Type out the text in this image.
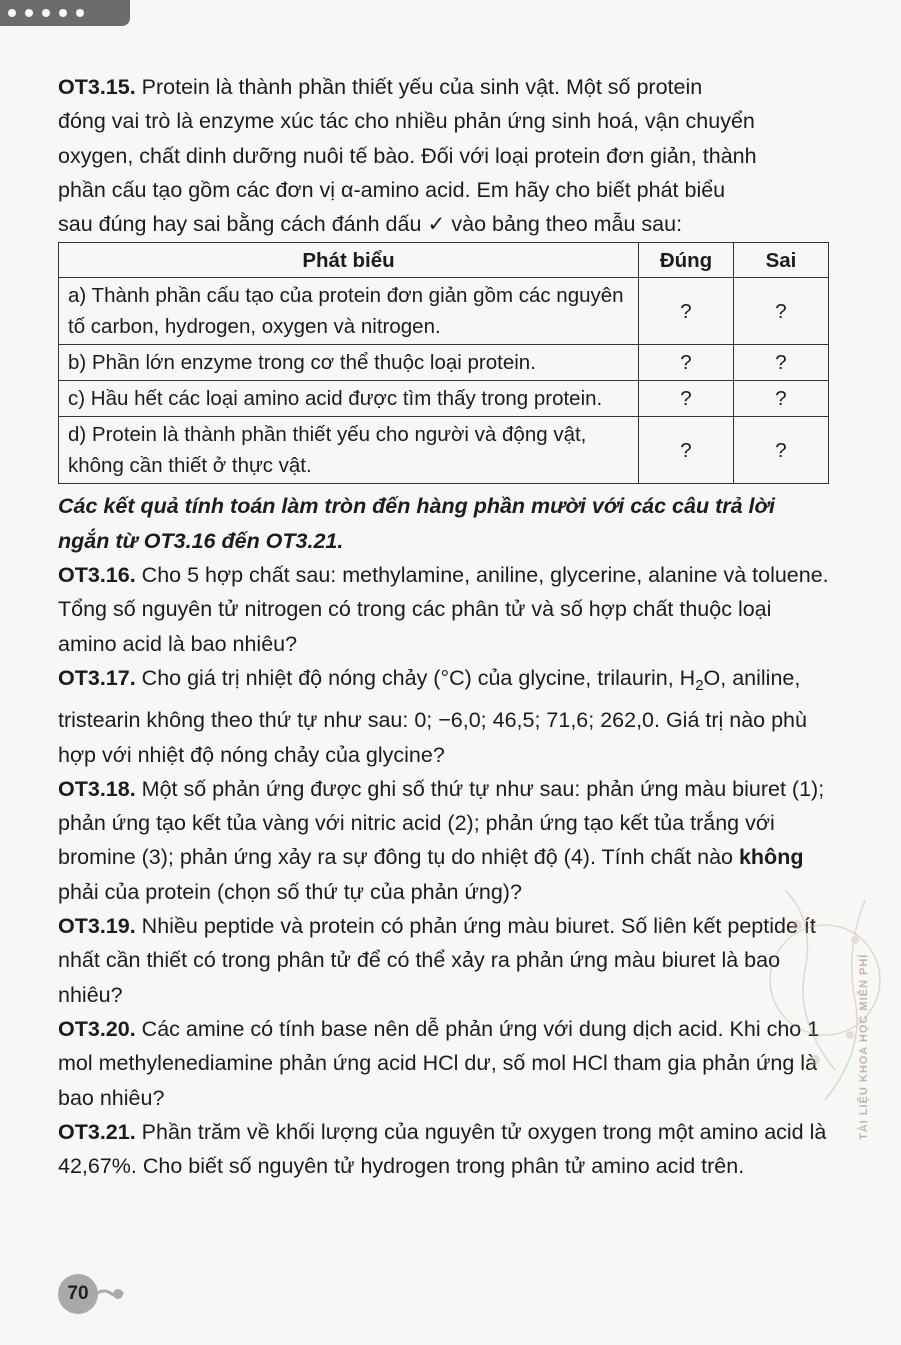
OT3.15. Protein là thành phần thiết yếu của sinh vật. Một số protein

đóng vai trò là enzyme xúc tác cho nhiều phản ứng sinh hoá, vận chuyển

oxygen, chất dinh dưỡng nuôi tế bào. Đối với loại protein đơn giản, thành

phần cấu tạo gồm các đơn vị α-amino acid. Em hãy cho biết phát biểu

sau đúng hay sai bằng cách đánh dấu ✓ vào bảng theo mẫu sau:

Phát biểu	Đúng	Sai
a) Thành phần cấu tạo của protein đơn giản gồm các nguyên tố carbon, hydrogen, oxygen và nitrogen.	?	?
b) Phần lớn enzyme trong cơ thể thuộc loại protein.	?	?
c) Hầu hết các loại amino acid được tìm thấy trong protein.	?	?
d) Protein là thành phần thiết yếu cho người và động vật, không cần thiết ở thực vật.	?	?

Các kết quả tính toán làm tròn đến hàng phần mười với các câu trả lời ngắn từ OT3.16 đến OT3.21.

OT3.16. Cho 5 hợp chất sau: methylamine, aniline, glycerine, alanine và toluene. Tổng số nguyên tử nitrogen có trong các phân tử và số hợp chất thuộc loại amino acid là bao nhiêu?

OT3.17. Cho giá trị nhiệt độ nóng chảy (°C) của glycine, trilaurin, $H_2O$, aniline, tristearin không theo thứ tự như sau: 0; −6,0; 46,5; 71,6; 262,0. Giá trị nào phù hợp với nhiệt độ nóng chảy của glycine?

OT3.18. Một số phản ứng được ghi số thứ tự như sau: phản ứng màu biuret (1); phản ứng tạo kết tủa vàng với nitric acid (2); phản ứng tạo kết tủa trắng với bromine (3); phản ứng xảy ra sự đông tụ do nhiệt độ (4). Tính chất nào không phải của protein (chọn số thứ tự của phản ứng)?

OT3.19. Nhiều peptide và protein có phản ứng màu biuret. Số liên kết peptide ít nhất cần thiết có trong phân tử để có thể xảy ra phản ứng màu biuret là bao nhiêu?

OT3.20. Các amine có tính base nên dễ phản ứng với dung dịch acid. Khi cho 1 mol methylenediamine phản ứng acid HCl dư, số mol HCl tham gia phản ứng là bao nhiêu?

OT3.21. Phần trăm về khối lượng của nguyên tử oxygen trong một amino acid là 42,67%. Cho biết số nguyên tử hydrogen trong phân tử amino acid trên.

TÀI LIỆU KHOA HỌC MIỄN PHÍ
70
